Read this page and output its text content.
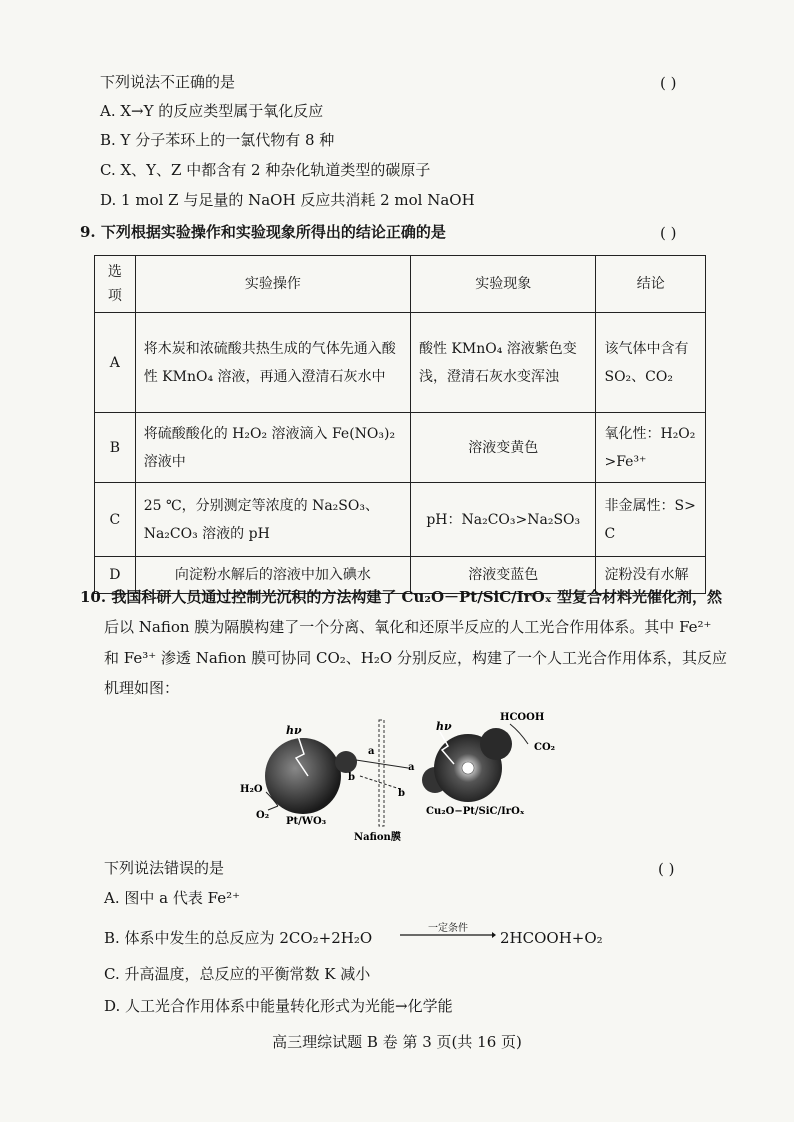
下列说法不正确的是	( )
A. X→Y 的反应类型属于氧化反应
B. Y 分子苯环上的一氯代物有 8 种
C. X、Y、Z 中都含有 2 种杂化轨道类型的碳原子
D. 1 mol Z 与足量的 NaOH 反应共消耗 2 mol NaOH
9. 下列根据实验操作和实验现象所得出的结论正确的是	( )
选项	实验操作	实验现象	结论
A	将木炭和浓硫酸共热生成的气体先通入酸性 KMnO₄ 溶液，再通入澄清石灰水中	酸性 KMnO₄ 溶液紫色变浅，澄清石灰水变浑浊	该气体中含有 SO₂、CO₂
B	将硫酸酸化的 H₂O₂ 溶液滴入 Fe(NO₃)₂ 溶液中	溶液变黄色	氧化性：H₂O₂ >Fe³⁺
C	25 ℃，分别测定等浓度的 Na₂SO₃、Na₂CO₃ 溶液的 pH	pH：Na₂CO₃>Na₂SO₃	非金属性：S> C
D	向淀粉水解后的溶液中加入碘水	溶液变蓝色	淀粉没有水解
10. 我国科研人员通过控制光沉积的方法构建了 Cu₂O－Pt/SiC/IrOₓ 型复合材料光催化剂，然
后以 Nafion 膜为隔膜构建了一个分离、氧化和还原半反应的人工光合作用体系。其中 Fe²⁺
和 Fe³⁺ 渗透 Nafion 膜可协同 CO₂、H₂O 分别反应，构建了一个人工光合作用体系，其反应
机理如图：
hν
H₂O
O₂
Pt/WO₃
Nafion膜
a
a
b
b
hν
HCOOH
CO₂
Cu₂O−Pt/SiC/IrOₓ
下列说法错误的是	( )
A. 图中 a 代表 Fe²⁺
B. 体系中发生的总反应为 2CO₂+2H₂O
一定条件
2HCOOH+O₂
C. 升高温度，总反应的平衡常数 K 减小
D. 人工光合作用体系中能量转化形式为光能→化学能
高三理综试题 B 卷 第 3 页(共 16 页)
